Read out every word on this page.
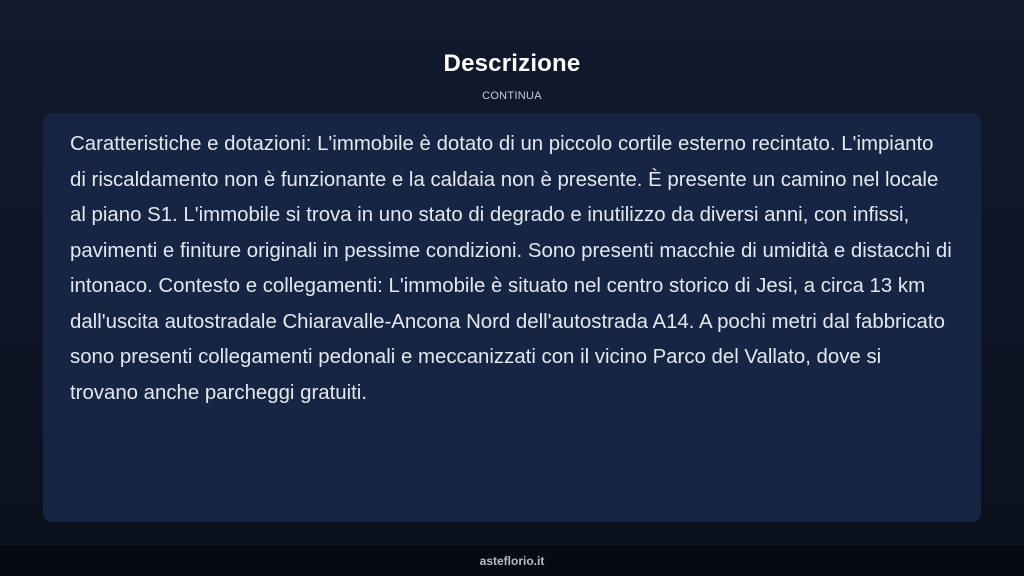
Descrizione
CONTINUA

Caratteristiche e dotazioni: L'immobile è dotato di un piccolo cortile esterno recintato. L'impianto di riscaldamento non è funzionante e la caldaia non è presente. È presente un camino nel locale al piano S1. L'immobile si trova in uno stato di degrado e inutilizzo da diversi anni, con infissi, pavimenti e finiture originali in pessime condizioni. Sono presenti macchie di umidità e distacchi di intonaco. Contesto e collegamenti: L'immobile è situato nel centro storico di Jesi, a circa 13 km dall'uscita autostradale Chiaravalle-Ancona Nord dell'autostrada A14. A pochi metri dal fabbricato sono presenti collegamenti pedonali e meccanizzati con il vicino Parco del Vallato, dove si trovano anche parcheggi gratuiti.

asteflorio.it
